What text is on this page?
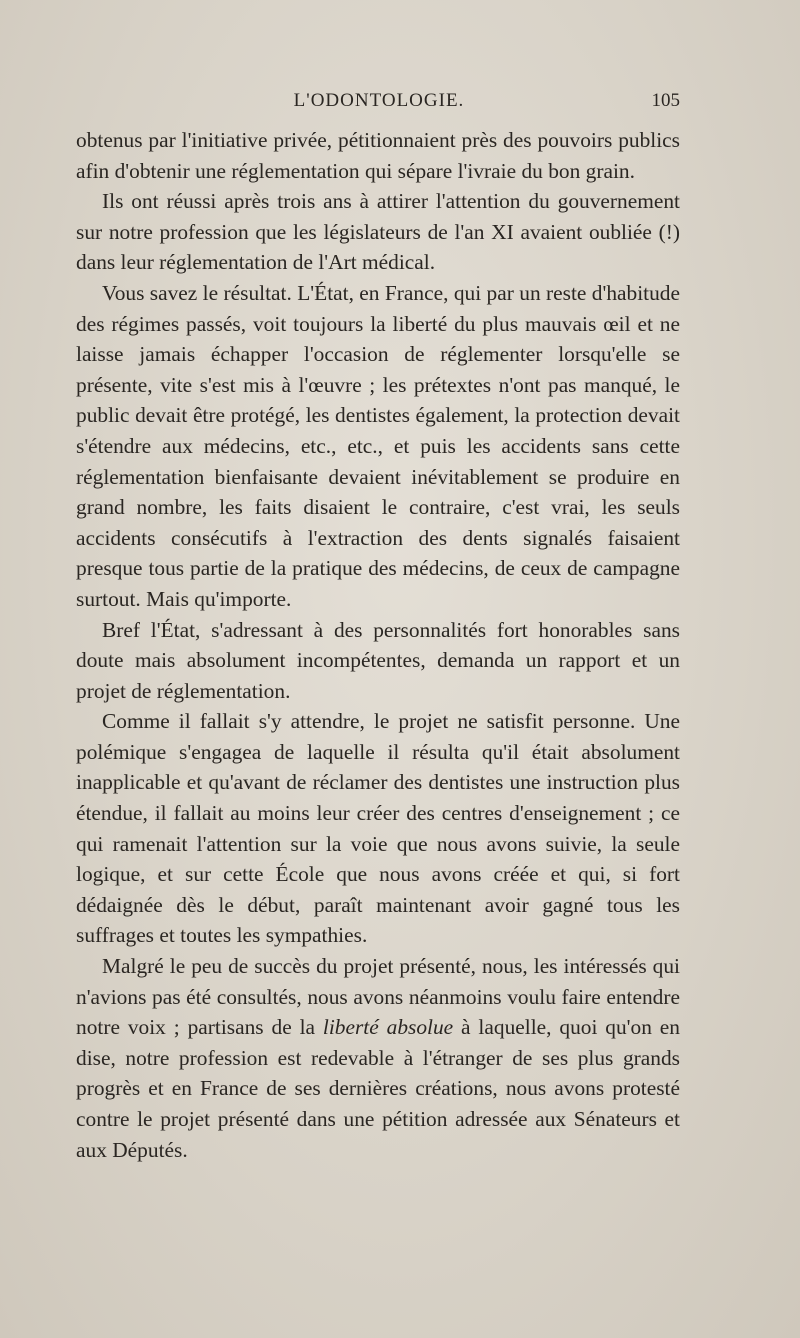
L'ODONTOLOGIE.	105

obtenus par l'initiative privée, pétitionnaient près des pouvoirs publics afin d'obtenir une réglementation qui sépare l'ivraie du bon grain.

Ils ont réussi après trois ans à attirer l'attention du gouvernement sur notre profession que les législateurs de l'an XI avaient oubliée (!) dans leur réglementation de l'Art médical.

Vous savez le résultat. L'État, en France, qui par un reste d'habitude des régimes passés, voit toujours la liberté du plus mauvais œil et ne laisse jamais échapper l'occasion de réglementer lorsqu'elle se présente, vite s'est mis à l'œuvre ; les prétextes n'ont pas manqué, le public devait être protégé, les dentistes également, la protection devait s'étendre aux médecins, etc., etc., et puis les accidents sans cette réglementation bienfaisante devaient inévitablement se produire en grand nombre, les faits disaient le contraire, c'est vrai, les seuls accidents consécutifs à l'extraction des dents signalés faisaient presque tous partie de la pratique des médecins, de ceux de campagne surtout. Mais qu'importe.

Bref l'État, s'adressant à des personnalités fort honorables sans doute mais absolument incompétentes, demanda un rapport et un projet de réglementation.

Comme il fallait s'y attendre, le projet ne satisfit personne. Une polémique s'engagea de laquelle il résulta qu'il était absolument inapplicable et qu'avant de réclamer des dentistes une instruction plus étendue, il fallait au moins leur créer des centres d'enseignement ; ce qui ramenait l'attention sur la voie que nous avons suivie, la seule logique, et sur cette École que nous avons créée et qui, si fort dédaignée dès le début, paraît maintenant avoir gagné tous les suffrages et toutes les sympathies.

Malgré le peu de succès du projet présenté, nous, les intéressés qui n'avions pas été consultés, nous avons néanmoins voulu faire entendre notre voix ; partisans de la liberté absolue à laquelle, quoi qu'on en dise, notre profession est redevable à l'étranger de ses plus grands progrès et en France de ses dernières créations, nous avons protesté contre le projet présenté dans une pétition adressée aux Sénateurs et aux Députés.
